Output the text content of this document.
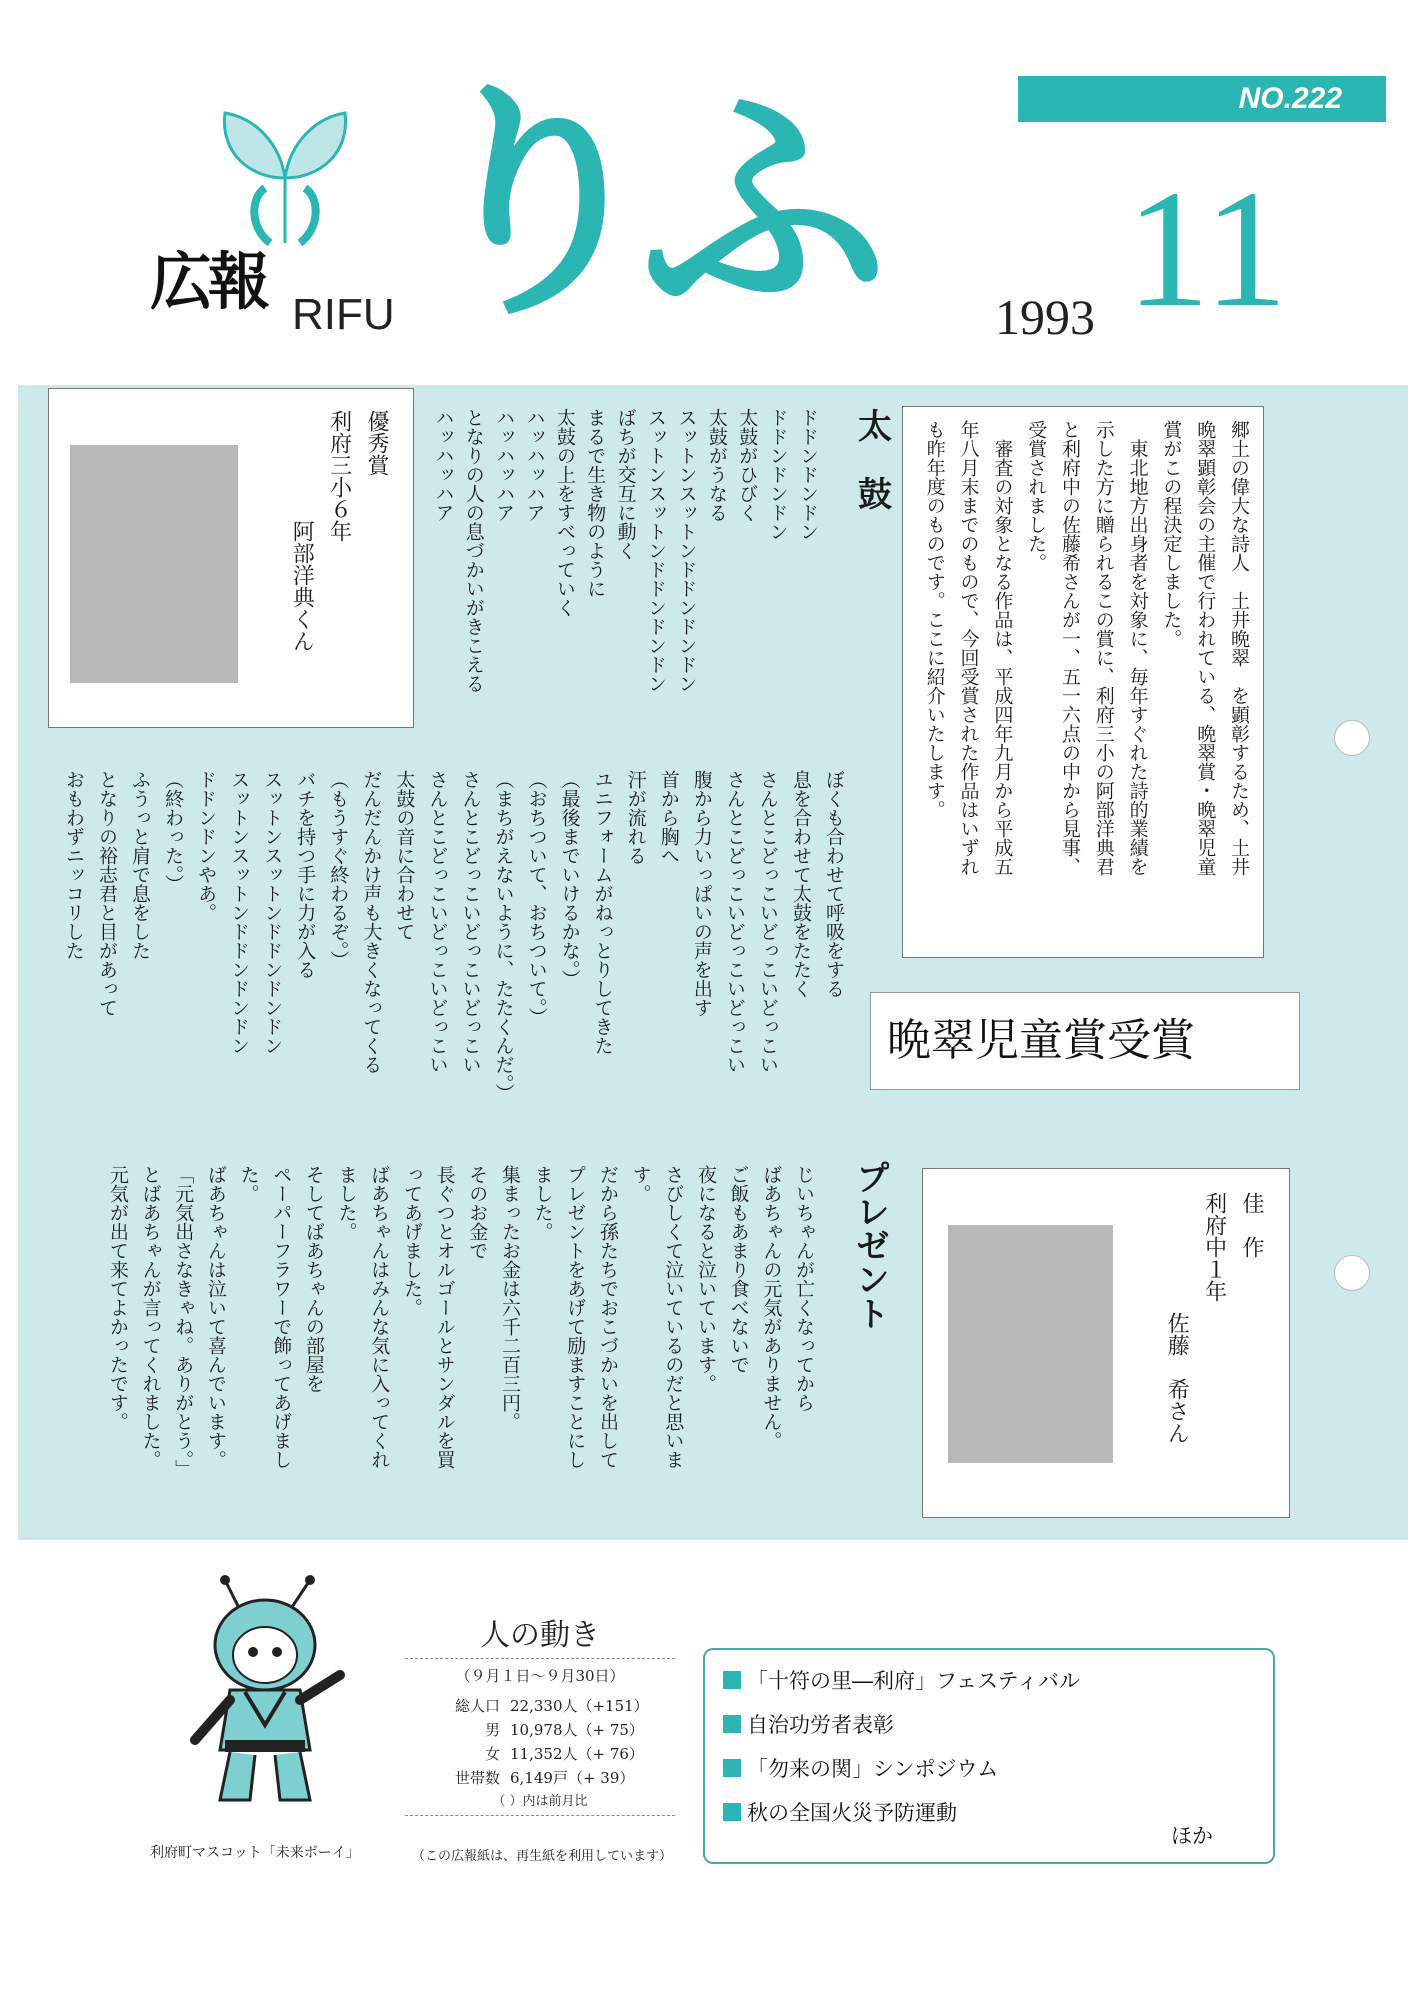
NO.222
広報 RIFU りふ	1993 11
郷土の偉大な詩人　土井晩翠　を顕彰するため、土井
晩翠顕彰会の主催で行われている、晩翠賞・晩翠児童
賞がこの程決定しました。
　東北地方出身者を対象に、毎年すぐれた詩的業績を
示した方に贈られるこの賞に、利府三小の阿部洋典君
と利府中の佐藤希さんが一、五一六点の中から見事、
受賞されました。
　審査の対象となる作品は、平成四年九月から平成五
年八月末までのもので、今回受賞された作品はいずれ
も昨年度のものです。ここに紹介いたします。
太　鼓
ドドンドンドン
ドドンドンドン
太鼓がひびく
太鼓がうなる
スットンスットンドドンドンドン
スットンスットンドドンドンドン
ばちが交互に動く
まるで生き物のように
太鼓の上をすべっていく
ハッハッハア
ハッハッハア
となりの人の息づかいがきこえる
ハッハッハア
優秀賞
利府三小６年
阿部洋典くん
ぼくも合わせて呼吸をする
息を合わせて太鼓をたたく
さんとこどっこいどっこいどっこい
さんとこどっこいどっこいどっこい
腹から力いっぱいの声を出す
首から胸へ
汗が流れる
ユニフォームがねっとりしてきた
（最後までいけるかな。）
（おちついて、おちついて。）
（まちがえないように、たたくんだ。）
さんとこどっこいどっこいどっこい
さんとこどっこいどっこいどっこい
太鼓の音に合わせて
だんだんかけ声も大きくなってくる
（もうすぐ終わるぞ。）
バチを持つ手に力が入る
スットンスットンドドンドンドン
スットンスットンドドンドンドン
ドドンドンやあ。
（終わった。）
ふうっと肩で息をした
となりの裕志君と目があって
おもわずニッコリした
晩翠児童賞受賞
佳　作
利府中１年
佐藤　希さん
プレゼント
じいちゃんが亡くなってから
ばあちゃんの元気がありません。
ご飯もあまり食べないで
夜になると泣いています。
さびしくて泣いているのだと思いま
す。
だから孫たちでおこづかいを出して
プレゼントをあげて励ますことにし
ました。
集まったお金は六千二百三円。
そのお金で
長ぐつとオルゴールとサンダルを買
ってあげました。
ばあちゃんはみんな気に入ってくれ
ました。
そしてばあちゃんの部屋を
ペーパーフラワーで飾ってあげまし
た。
ばあちゃんは泣いて喜んでいます。
「元気出さなきゃね。ありがとう。」
とばあちゃんが言ってくれました。
元気が出て来てよかったです。
利府町マスコット「未来ボーイ」
人の動き
（９月１日～９月30日）
総人口 22,330人（+151）
男 10,978人（+ 75）
女 11,352人（+ 76）
世帯数 6,149戸（+ 39）
（ ）内は前月比
（この広報紙は、再生紙を利用しています）
「十符の里―利府」フェスティバル
自治功労者表彰
「勿来の関」シンポジウム
秋の全国火災予防運動
ほか
